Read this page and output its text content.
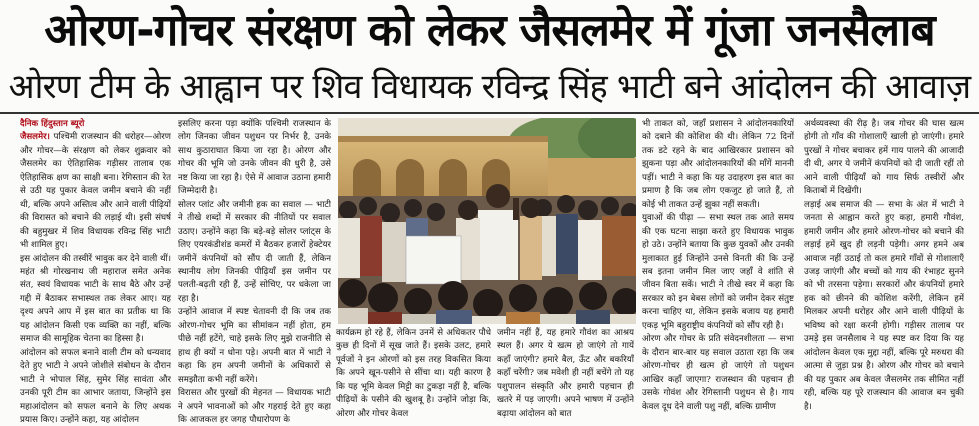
ओरण-गोचर संरक्षण को लेकर जैसलमेर में गूंजा जनसैलाब
ओरण टीम के आह्वान पर शिव विधायक रविन्द्र सिंह भाटी बने आंदोलन की आवाज़

दैनिक हिंदुस्तान ब्यूरो
जैसलमेर। पश्चिमी राजस्थान की धरोहर—ओरण और गोचर—के संरक्षण को लेकर शुक्रवार को जैसलमेर का ऐतिहासिक गड़ीसर तालाब एक ऐतिहासिक क्षण का साक्षी बना। रेगिस्तान की रेत से उठी यह पुकार केवल जमीन बचाने की नहीं थी, बल्कि अपने अस्तित्व और आने वाली पीढ़ियों की विरासत को बचाने की लड़ाई थी। इसी संघर्ष की बहुमुखर में शिव विधायक रविन्द्र सिंह भाटी भी शामिल हुए।

इस आंदोलन की तस्वीरें भावुक कर देने वाली थीं। महंत श्री गोरखनाथ जी महाराज समेत अनेक संत, स्वयं विधायक भाटी के साथ बैठे और उन्हें गद्दी में बैठाकर सभास्थल तक लेकर आए। यह दृश्य अपने आप में इस बात का प्रतीक था कि यह आंदोलन किसी एक व्यक्ति का नहीं, बल्कि समाज की सामूहिक चेतना का हिस्सा है।

आंदोलन को सफल बनाने वाली टीम को धन्यवाद देते हुए भाटी ने अपने जोशीले संबोधन के दौरान भाटी ने भोपाल सिंह, सुमेर सिंह सावंता और उनकी पूरी टीम का आभार जताया, जिन्होंने इस महाआंदोलन को सफल बनाने के लिए अथक प्रयास किए। उन्होंने कहा, यह आंदोलन

इसलिए करना पड़ा क्योंकि पश्चिमी राजस्थान के लोग जिनका जीवन पशुधन पर निर्भर है, उनके साथ कुठाराघात किया जा रहा है। ओरण और गोचर की भूमि जो उनके जीवन की धुरी है, उसे नष्ट किया जा रहा है। ऐसे में आवाज उठाना हमारी जिम्मेदारी है।

सोलर प्लांट और जमीनी हक का सवाल — भाटी ने तीखे शब्दों में सरकार की नीतियों पर सवाल उठाए। उन्होंने कहा कि बड़े-बड़े सोलर प्लांट्स के लिए एयरकंडीशंड कमरों में बैठकर हजारों हेक्टेयर जमीनें कंपनियों को सौंप दी जाती हैं, लेकिन स्थानीय लोग जिनकी पीढ़ियाँ इस जमीन पर पलती-बढ़ती रही हैं, उन्हें सोचिए, पर धकेला जा रहा है।

उन्होंने आवाज में स्पष्ट चेतावनी दी कि जब तक ओरण-गोचर भूमि का सीमांकन नहीं होता, हम पीछे नहीं हटेंगे, चाहे इसके लिए मुझे राजनीति से हाथ ही क्यों न धोना पड़े। अपनी बात में भाटी ने कहा कि हम अपनी जमीनों के अधिकारों से समझौता कभी नहीं करेंगे।

विरासत और पुरखों की मेहनत — विधायक भाटी ने अपने भावनाओं को और गहराई देते हुए कहा कि आजकल हर जगह पौधारोपण के

कार्यक्रम हो रहे हैं, लेकिन उनमें से अधिकतर पौधे कुछ ही दिनों में सूख जाते हैं। इसके उलट, हमारे पूर्वजों ने इन ओरणों को इस तरह विकसित किया कि अपने खून-पसीने से सींचा था। यही कारण है कि यह भूमि केवल मिट्टी का टुकड़ा नहीं है, बल्कि पीढ़ियों के पसीने की खुशबू है। उन्होंने जोड़ा कि, ओरण और गोचर केवल

जमीन नहीं हैं, यह हमारे गौवंश का आश्रय स्थल हैं। अगर ये खत्म हो जाएंगे तो गायें कहाँ जाएंगी? हमारे बैल, ऊँट और बकरियाँ कहाँ चरेंगी? जब मवेशी ही नहीं बचेंगे तो यह पशुपालन संस्कृति और हमारी पहचान ही खतरे में पड़ जाएगी। अपने भाषण में उन्होंने बढ़ाया आंदोलन को बात

भी ताकत को, जहाँ प्रशासन ने आंदोलनकारियों को दबाने की कोशिश की थी। लेकिन 72 दिनों तक डटे रहने के बाद आखिरकार प्रशासन को झुकना पड़ा और आंदोलनकारियों की माँगें माननी पड़ीं। भाटी ने कहा कि यह उदाहरण इस बात का प्रमाण है कि जब लोग एकजुट हो जाते हैं, तो कोई भी ताकत उन्हें झुका नहीं सकती।

युवाओं की पीढ़ा — सभा स्थल तक आते समय की एक घटना साझा करते हुए विधायक भावुक हो उठे। उन्होंने बताया कि कुछ युवकों और उनकी मुलाकात हुई जिन्होंने उनसे विनती की कि उन्हें सब इतना जमीन मिल जाए जहाँ वे शांति से जीवन बिता सकें। भाटी ने तीखे स्वर में कहा कि सरकार को इन बेबस लोगों को जमीन देकर संतुष्ट करना चाहिए था, लेकिन इसके बजाय यह हमारी एकड़ भूमि बहुराष्ट्रीय कंपनियों को सौंप रही है।

ओरण और गोचर के प्रति संवेदनशीलता — सभा के दौरान बार-बार यह सवाल उठाता रहा कि जब ओरण-गोचर ही खत्म हो जाएंगे तो पशुधन आखिर कहाँ जाएगा? राजस्थान की पहचान ही उसके गोवंश और रेगिस्तानी पशुधन से है। गाय केवल दूध देने वाली पशु नहीं, बल्कि ग्रामीण

अर्थव्यवस्था की रीढ़ है। जब गोचर की घास खत्म होगी तो गाँव की गोशालाएँ खाली हो जाएंगी। हमारे पुरखों ने गोचर बचाकर हमें गाय पालने की आजादी दी थी, अगर ये जमीनें कंपनियों को दी जाती रहीं तो आने वाली पीढ़ियाँ को गाय सिर्फ तस्वीरों और किताबों में दिखेंगी।

लड़ाई अब समाज की — सभा के अंत में भाटी ने जनता से आह्वान करते हुए कहा, हमारी गौवंश, हमारी जमीन और हमारे ओरण-गोचर को बचाने की लड़ाई हमें खुद ही लड़नी पड़ेगी। अगर हमने अब आवाज नहीं उठाई तो कल हमारे गाँवों से गोशालाएँ उजड़ जाएंगी और बच्चों को गाय की रंभाहट सुनने को भी तरसना पड़ेगा। सरकारों और कंपनियों हमारे हक को छीनने की कोशिश करेंगी, लेकिन हमें मिलकर अपनी धरोहर और आने वाली पीढ़ियों के भविष्य को रक्षा करनी होगी। गड़ीसर तालाब पर उमड़े इस जनसैलाब ने यह स्पष्ट कर दिया कि यह आंदोलन केवल एक मुद्दा नहीं, बल्कि पूरे मरुधरा की आत्मा से जुड़ा प्रश्न है। ओरण और गोचर को बचाने की यह पुकार अब केवल जैसलमेर तक सीमित नहीं रही, बल्कि यह पूरे राजस्थान की आवाज बन चुकी है।
